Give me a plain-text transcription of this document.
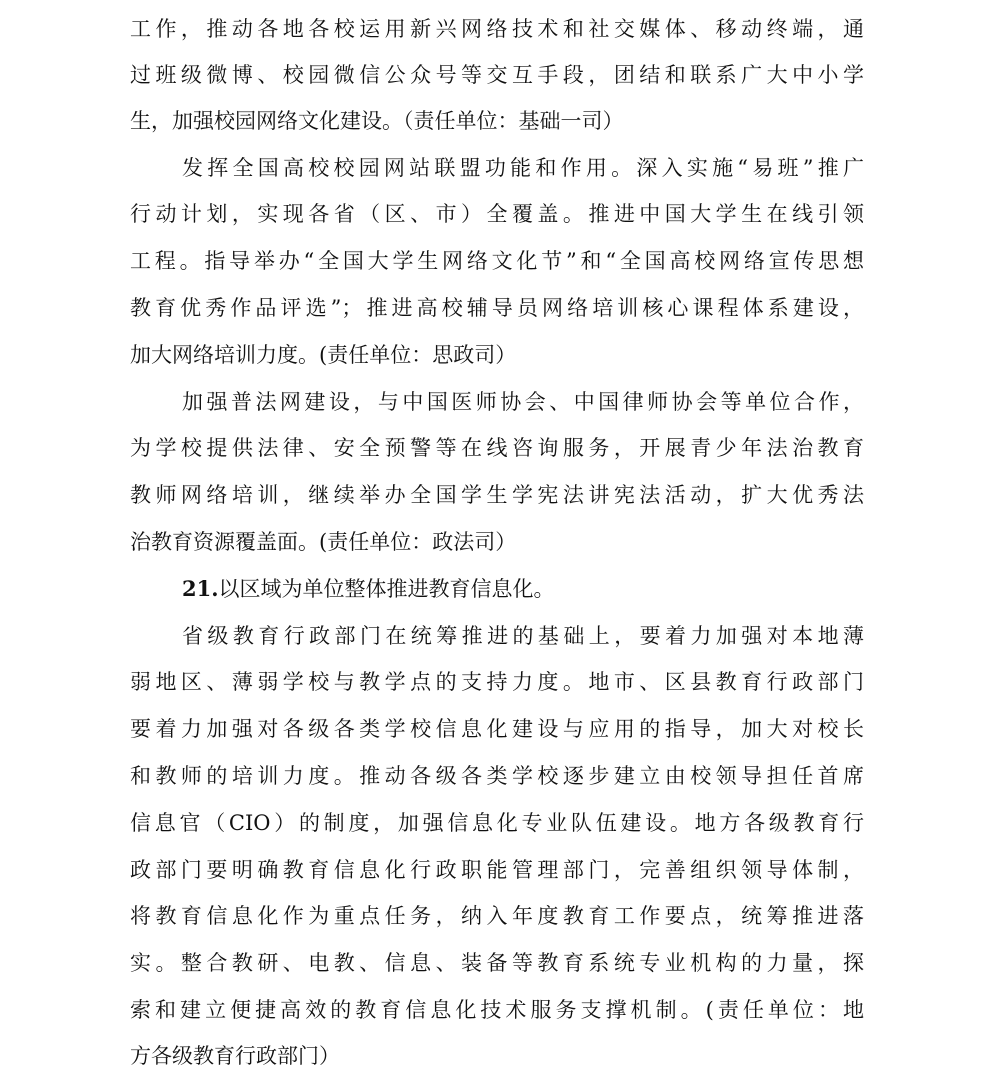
工作，推动各地各校运用新兴网络技术和社交媒体、移动终端，通
过班级微博、校园微信公众号等交互手段，团结和联系广大中小学
生，加强校园网络文化建设。（责任单位：基础一司）
发挥全国高校校园网站联盟功能和作用。深入实施“易班”推广
行动计划，实现各省（区、市）全覆盖。推进中国大学生在线引领
工程。指导举办“全国大学生网络文化节”和“全国高校网络宣传思想
教育优秀作品评选”；推进高校辅导员网络培训核心课程体系建设，
加大网络培训力度。(责任单位：思政司）
加强普法网建设，与中国医师协会、中国律师协会等单位合作，
为学校提供法律、安全预警等在线咨询服务，开展青少年法治教育
教师网络培训，继续举办全国学生学宪法讲宪法活动，扩大优秀法
治教育资源覆盖面。(责任单位：政法司）
21.以区域为单位整体推进教育信息化。
省级教育行政部门在统筹推进的基础上，要着力加强对本地薄
弱地区、薄弱学校与教学点的支持力度。地市、区县教育行政部门
要着力加强对各级各类学校信息化建设与应用的指导，加大对校长
和教师的培训力度。推动各级各类学校逐步建立由校领导担任首席
信息官（CIO）的制度，加强信息化专业队伍建设。地方各级教育行
政部门要明确教育信息化行政职能管理部门，完善组织领导体制，
将教育信息化作为重点任务，纳入年度教育工作要点，统筹推进落
实。整合教研、电教、信息、装备等教育系统专业机构的力量，探
索和建立便捷高效的教育信息化技术服务支撑机制。(责任单位：地
方各级教育行政部门）
